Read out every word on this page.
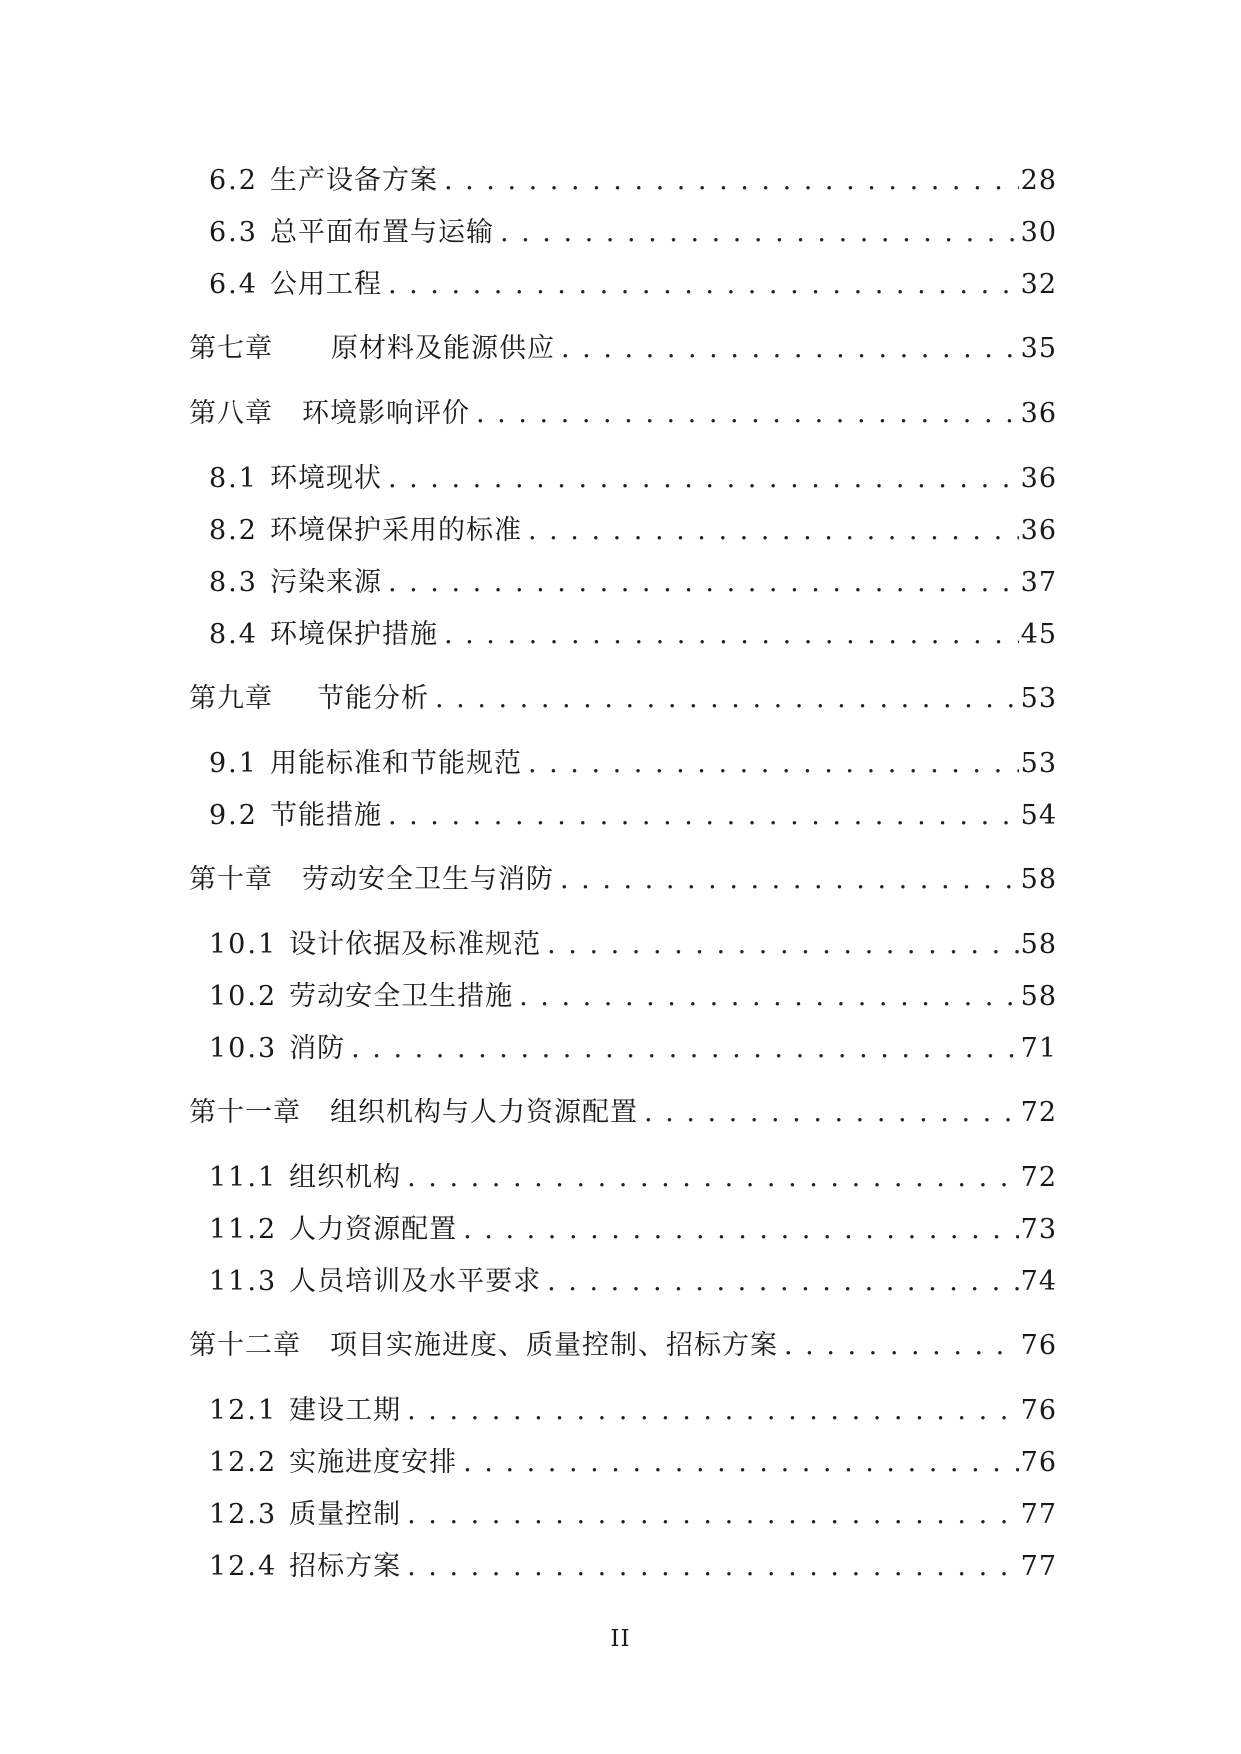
6.2 生产设备方案 . . .	28
6.3 总平面布置与运输 . . .	30
6.4 公用工程 . . .	32
第七章 原材料及能源供应 . . .	35
第八章 环境影响评价 . . .	36
8.1 环境现状 . . .	36
8.2 环境保护采用的标准 . . .	36
8.3 污染来源 . . .	37
8.4 环境保护措施 . . .	45
第九章 节能分析 . . .	53
9.1 用能标准和节能规范 . . .	53
9.2 节能措施 . . .	54
第十章 劳动安全卫生与消防 . . .	58
10.1 设计依据及标准规范 . . .	58
10.2 劳动安全卫生措施 . . .	58
10.3 消防 . . .	71
第十一章 组织机构与人力资源配置 . . .	72
11.1 组织机构 . . .	72
11.2 人力资源配置 . . .	73
11.3 人员培训及水平要求 . . .	74
第十二章 项目实施进度、质量控制、招标方案 . . .	76
12.1 建设工期 . . .	76
12.2 实施进度安排 . . .	76
12.3 质量控制 . . .	77
12.4 招标方案 . . .	77
II
